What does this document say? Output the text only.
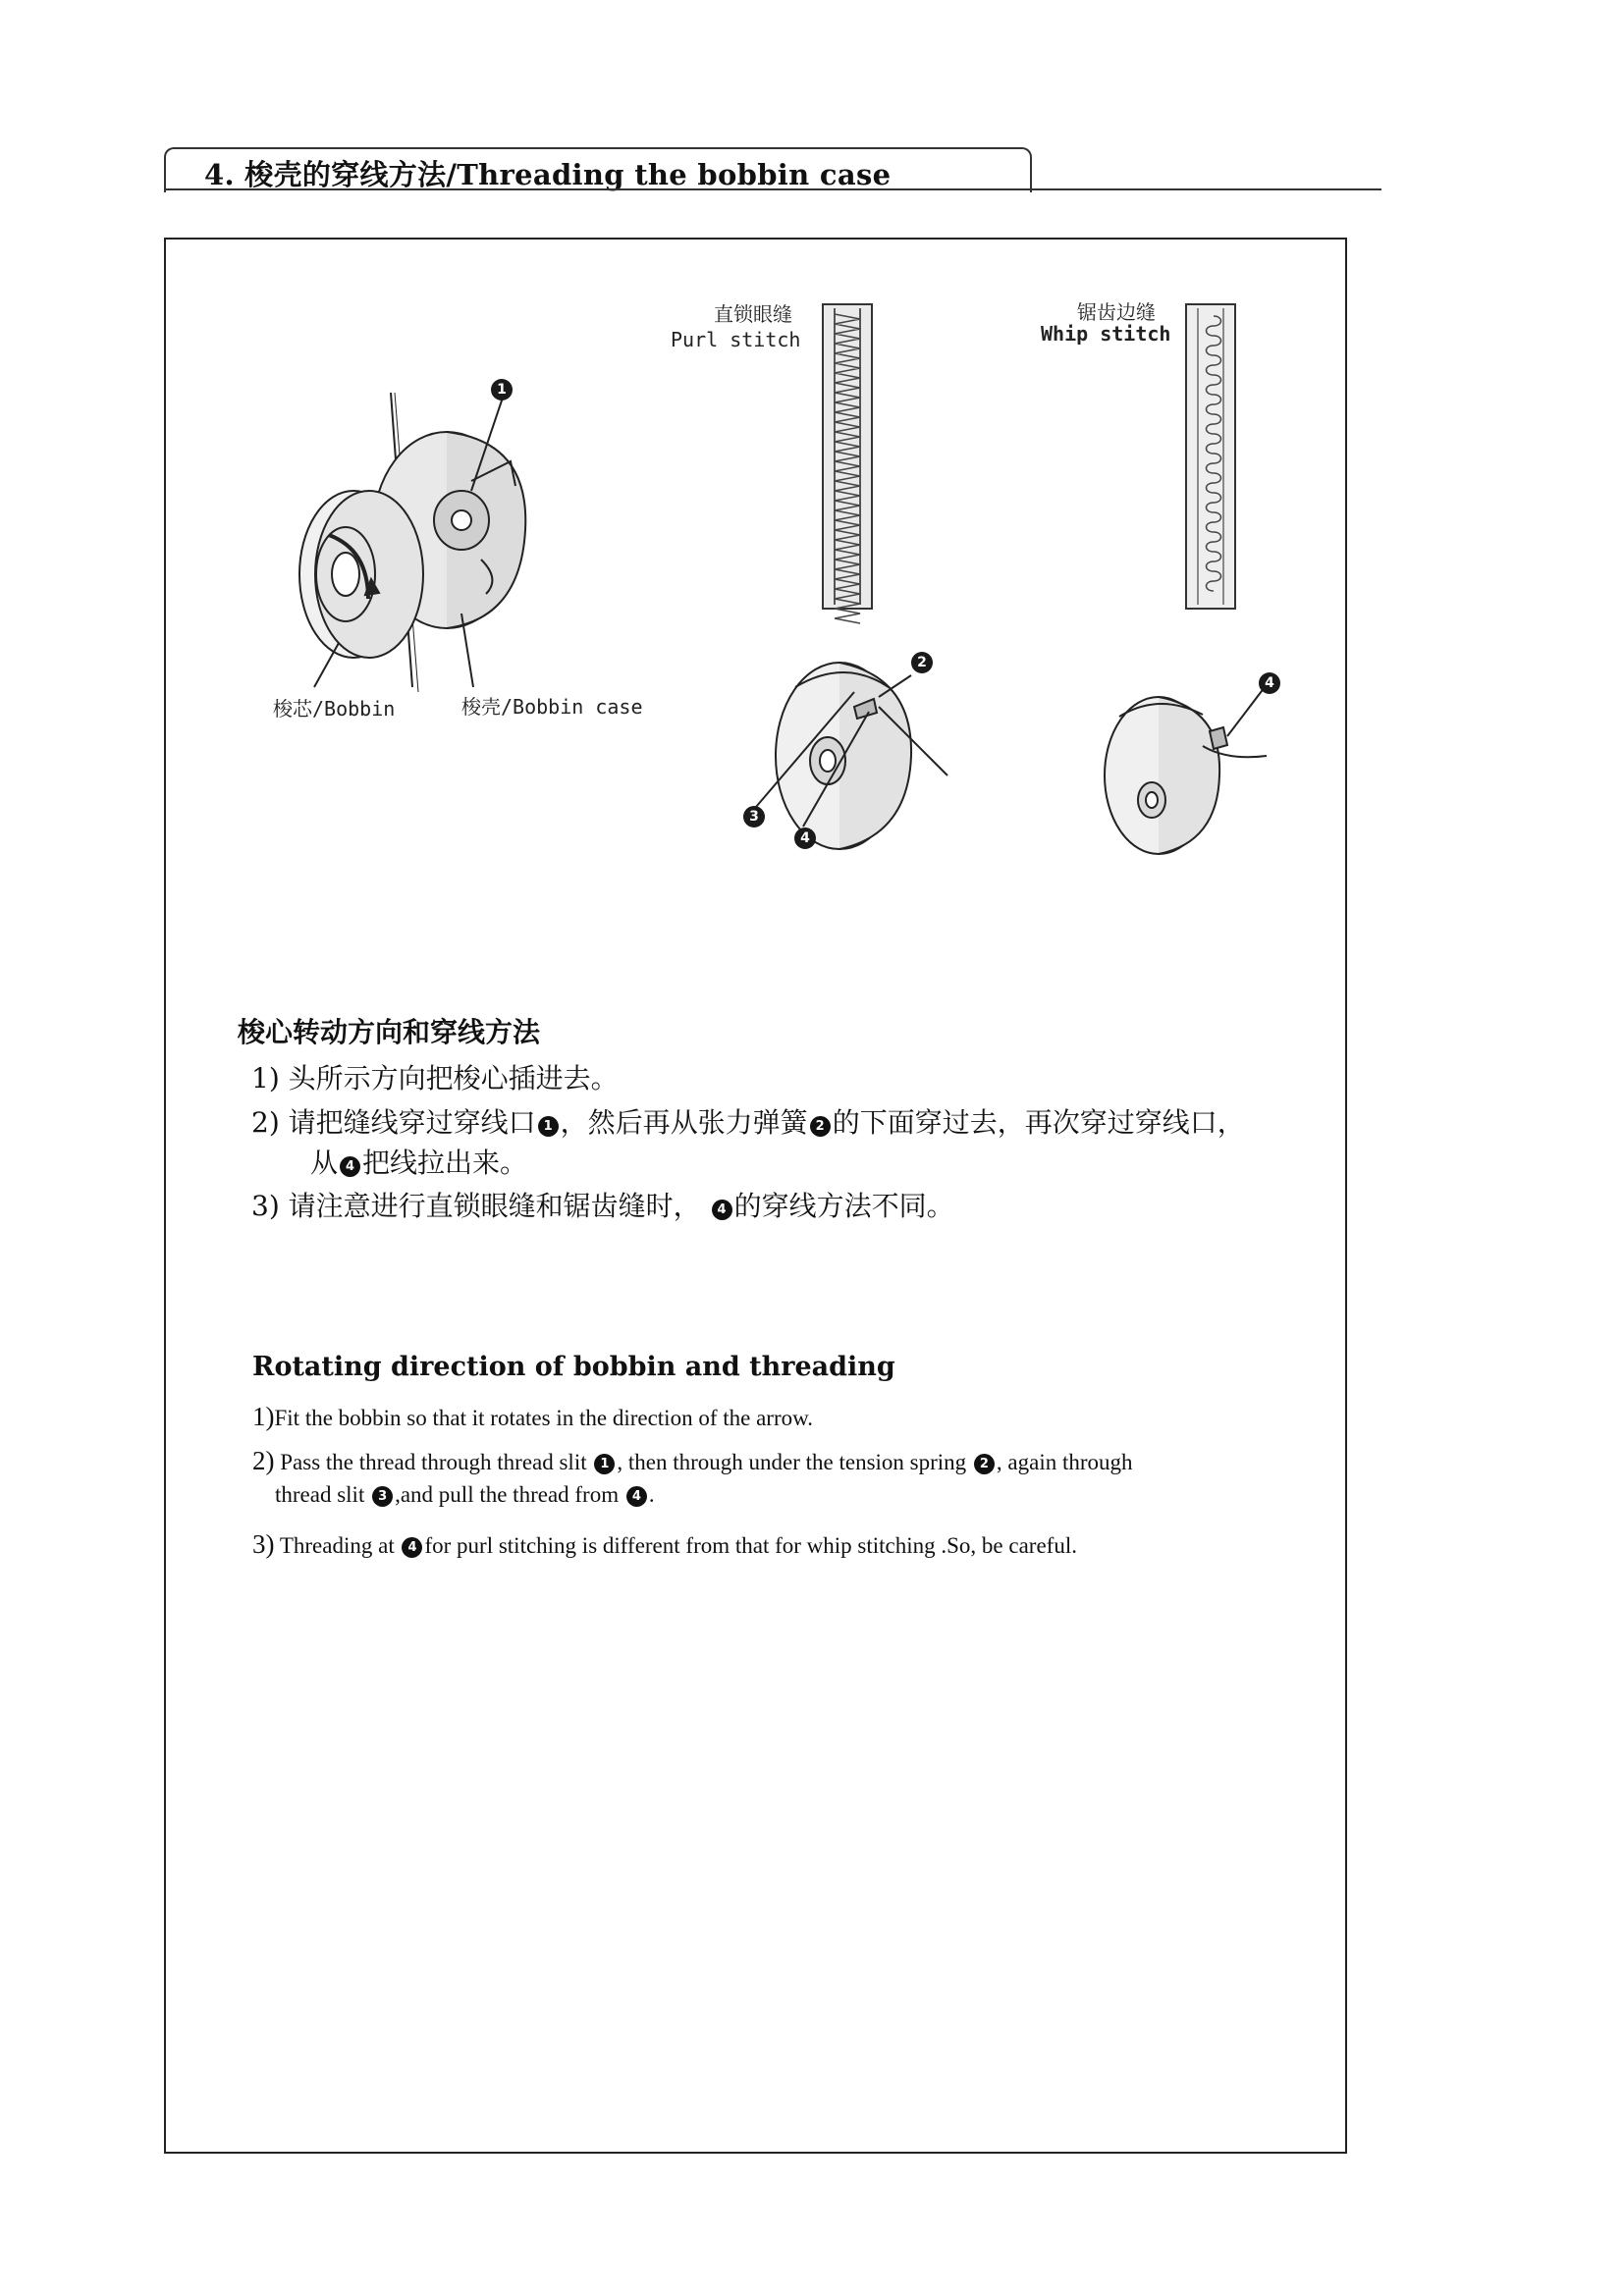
4. 梭壳的穿线方法/Threading the bobbin case
梭芯/Bobbin	梭壳/Bobbin case
直锁眼缝
Purl stitch
锯齿边缝
Whip stitch
1
2
3
4
4
梭心转动方向和穿线方法
1) 头所示方向把梭心插进去。
2) 请把缝线穿过穿线口 1 ，然后再从张力弹簧 2 的下面穿过去，再次穿过穿线口，
从 4 把线拉出来。
3) 请注意进行直锁眼缝和锯齿缝时， 4 的穿线方法不同。
Rotating direction of bobbin and threading
1)Fit the bobbin so that it rotates in the direction of the arrow.
2) Pass the thread through thread slit 1 , then through under the tension spring 2 , again through
thread slit 3 ,and pull the thread from 4 .
3) Threading at 4 for purl stitching is different from that for whip stitching .So, be careful.
